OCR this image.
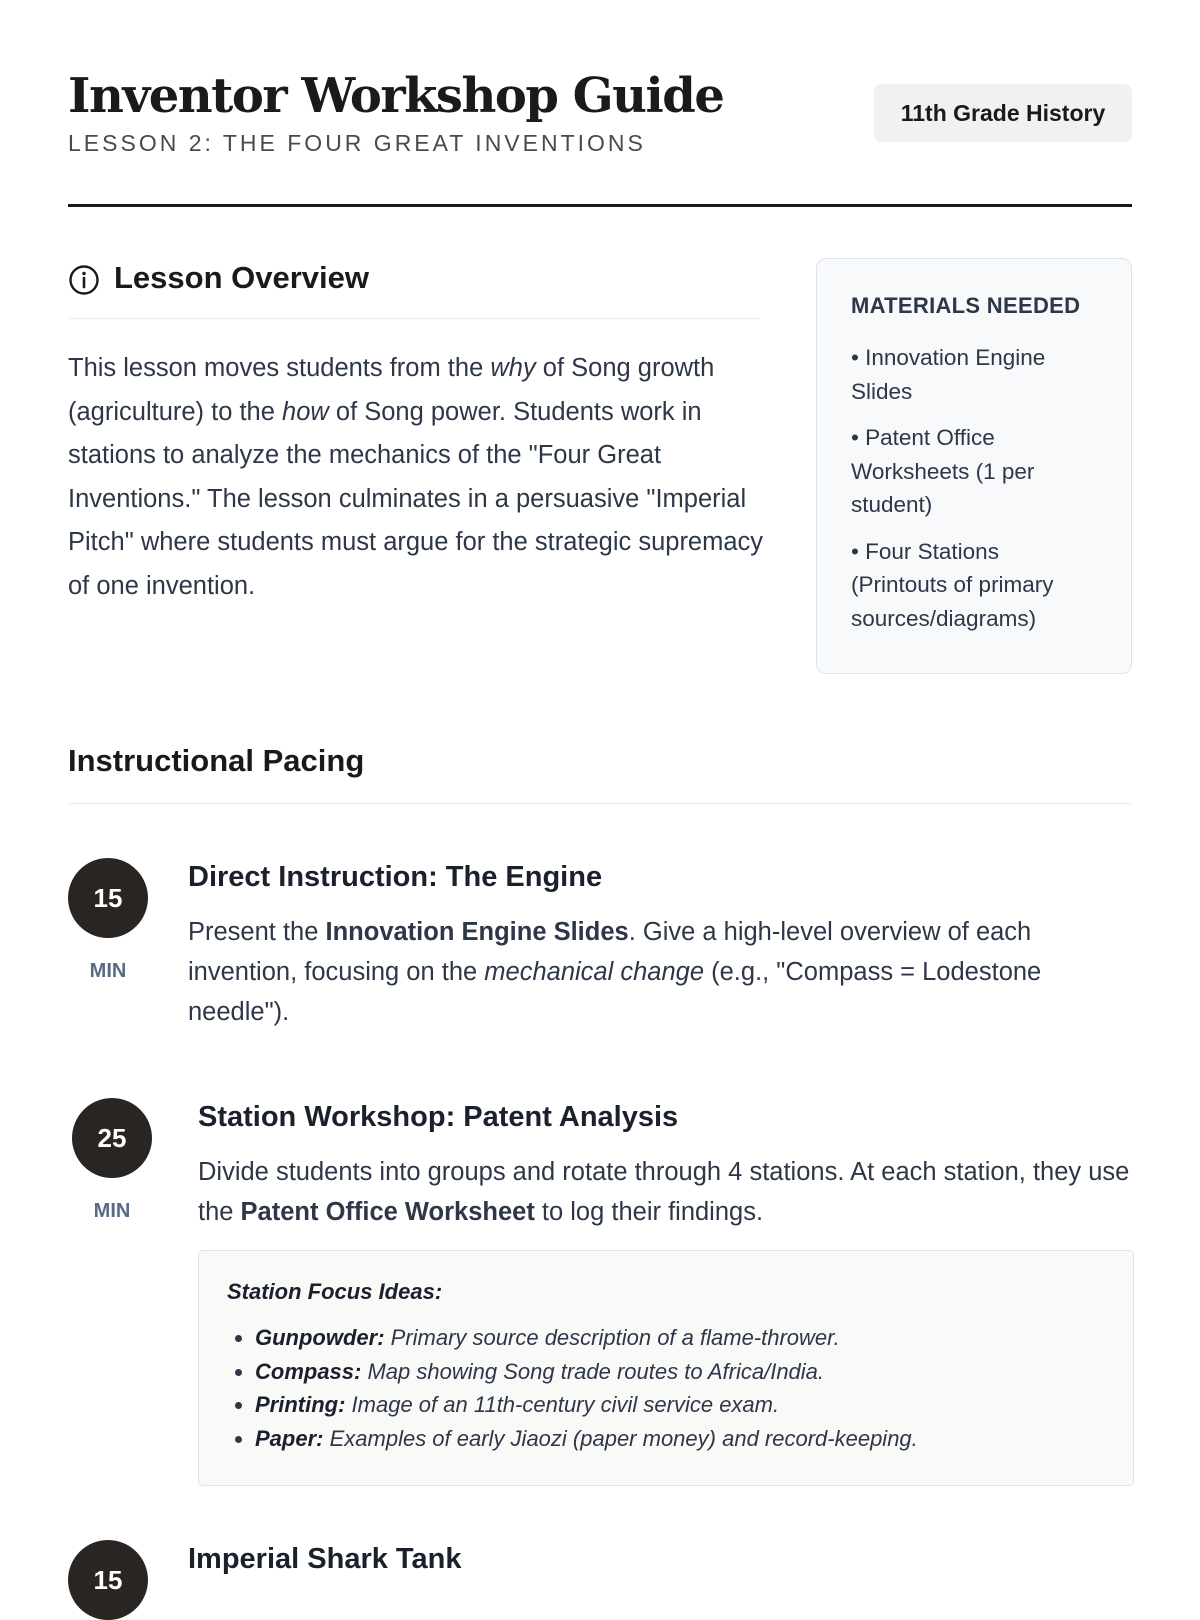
Inventor Workshop Guide
LESSON 2: THE FOUR GREAT INVENTIONS
11th Grade History
Lesson Overview

This lesson moves students from the why of Song growth (agriculture) to the how of Song power. Students work in stations to analyze the mechanics of the "Four Great Inventions." The lesson culminates in a persuasive "Imperial Pitch" where students must argue for the strategic supremacy of one invention.

MATERIALS NEEDED
• Innovation Engine Slides
• Patent Office Worksheets (1 per student)
• Four Stations (Printouts of primary sources/diagrams)
Instructional Pacing
15
MIN
Direct Instruction: The Engine

Present the Innovation Engine Slides. Give a high-level overview of each invention, focusing on the mechanical change (e.g., "Compass = Lodestone needle").

25
MIN
Station Workshop: Patent Analysis

Divide students into groups and rotate through 4 stations. At each station, they use the Patent Office Worksheet to log their findings.

Station Focus Ideas:
• Gunpowder: Primary source description of a flame-thrower.
• Compass: Map showing Song trade routes to Africa/India.
• Printing: Image of an 11th-century civil service exam.
• Paper: Examples of early Jiaozi (paper money) and record-keeping.
15
Imperial Shark Tank
